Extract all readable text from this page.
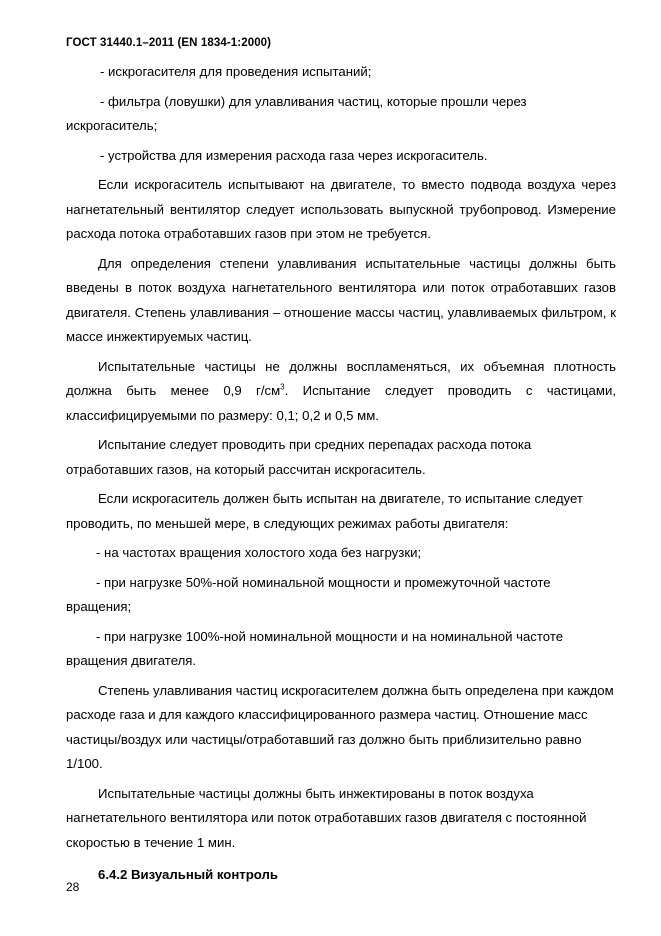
ГОСТ 31440.1–2011 (EN 1834-1:2000)

- искрогасителя для проведения испытаний;

- фильтра (ловушки) для улавливания частиц, которые прошли через искрогаситель;

- устройства для измерения расхода газа через искрогаситель.

Если искрогаситель испытывают на двигателе, то вместо подвода воздуха через нагнетательный вентилятор следует использовать выпускной трубопровод. Измерение расхода потока отработавших газов при этом не требуется.

Для определения степени улавливания испытательные частицы должны быть введены в поток воздуха нагнетательного вентилятора или поток отработавших газов двигателя. Степень улавливания – отношение массы частиц, улавливаемых фильтром, к массе инжектируемых частиц.

Испытательные частицы не должны воспламеняться, их объемная плотность должна быть менее 0,9 $г/см^3$. Испытание следует проводить с частицами, классифицируемыми по размеру: 0,1; 0,2 и 0,5 мм.

Испытание следует проводить при средних перепадах расхода потока отработавших газов, на который рассчитан искрогаситель.

Если искрогаситель должен быть испытан на двигателе, то испытание следует проводить, по меньшей мере, в следующих режимах работы двигателя:

- на частотах вращения холостого хода без нагрузки;

- при нагрузке 50%-ной номинальной мощности и промежуточной частоте вращения;

- при нагрузке 100%-ной номинальной мощности и на номинальной частоте вращения двигателя.

Степень улавливания частиц искрогасителем должна быть определена при каждом расходе газа и для каждого классифицированного размера частиц. Отношение масс частицы/воздух или частицы/отработавший газ должно быть приблизительно равно 1/100.

Испытательные частицы должны быть инжектированы в поток воздуха нагнетательного вентилятора или поток отработавших газов двигателя с постоянной скоростью в течение 1 мин.

6.4.2 Визуальный контроль

28
